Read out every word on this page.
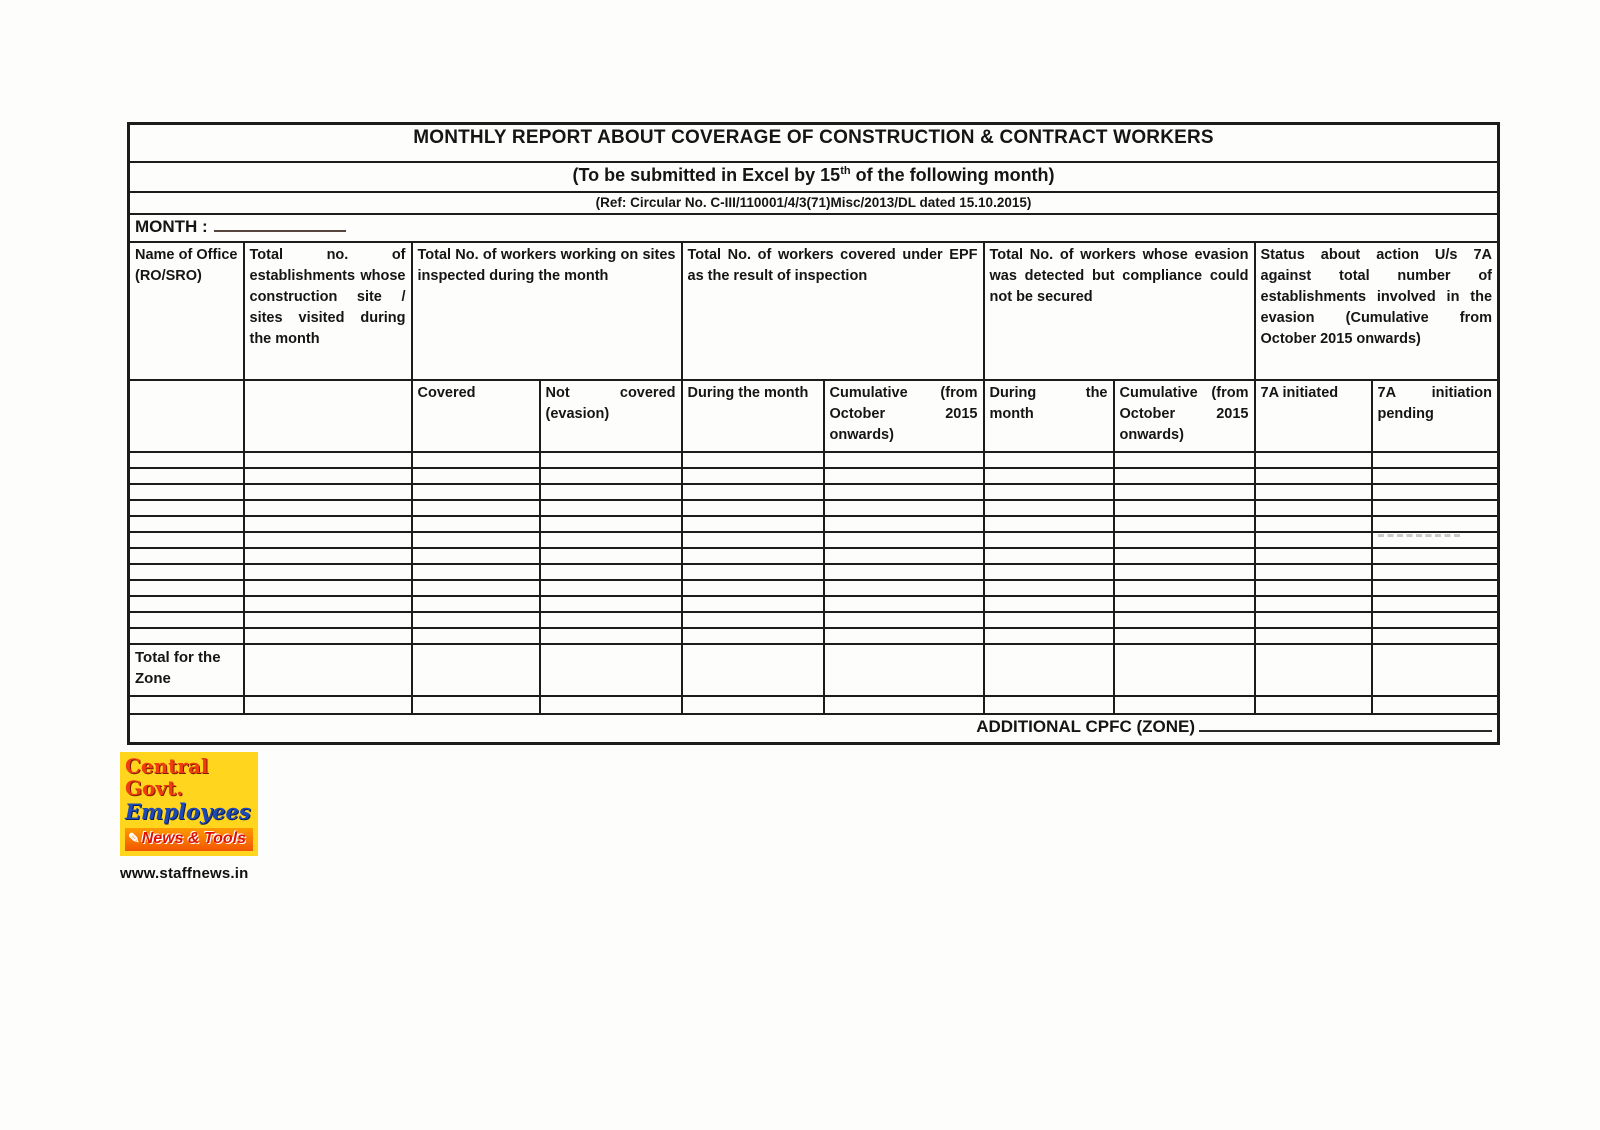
MONTHLY REPORT ABOUT COVERAGE OF CONSTRUCTION & CONTRACT WORKERS									
(To be submitted in Excel by 15th of the following month)									
(Ref: Circular No. C-III/110001/4/3(71)Misc/2013/DL dated 15.10.2015)									
MONTH :									
Name of Office (RO/SRO)	Total no. of establishments whose construction site / sites visited during the month	Total No. of workers working on sites inspected during the month		Total No. of workers covered under EPF as the result of inspection		Total No. of workers whose evasion was detected but compliance could not be secured		Status about action U/s 7A against total number of establishments involved in the evasion (Cumulative from October 2015 onwards)	
		Covered	Not covered (evasion)	During the month	Cumulative (from October 2015 onwards)	During the month	Cumulative (from October 2015 onwards)	7A initiated	7A initiation pending

Total for the Zone									

ADDITIONAL CPFC (ZONE)									
Central Govt.
Employees
✎ News & Tools
www.staffnews.in
